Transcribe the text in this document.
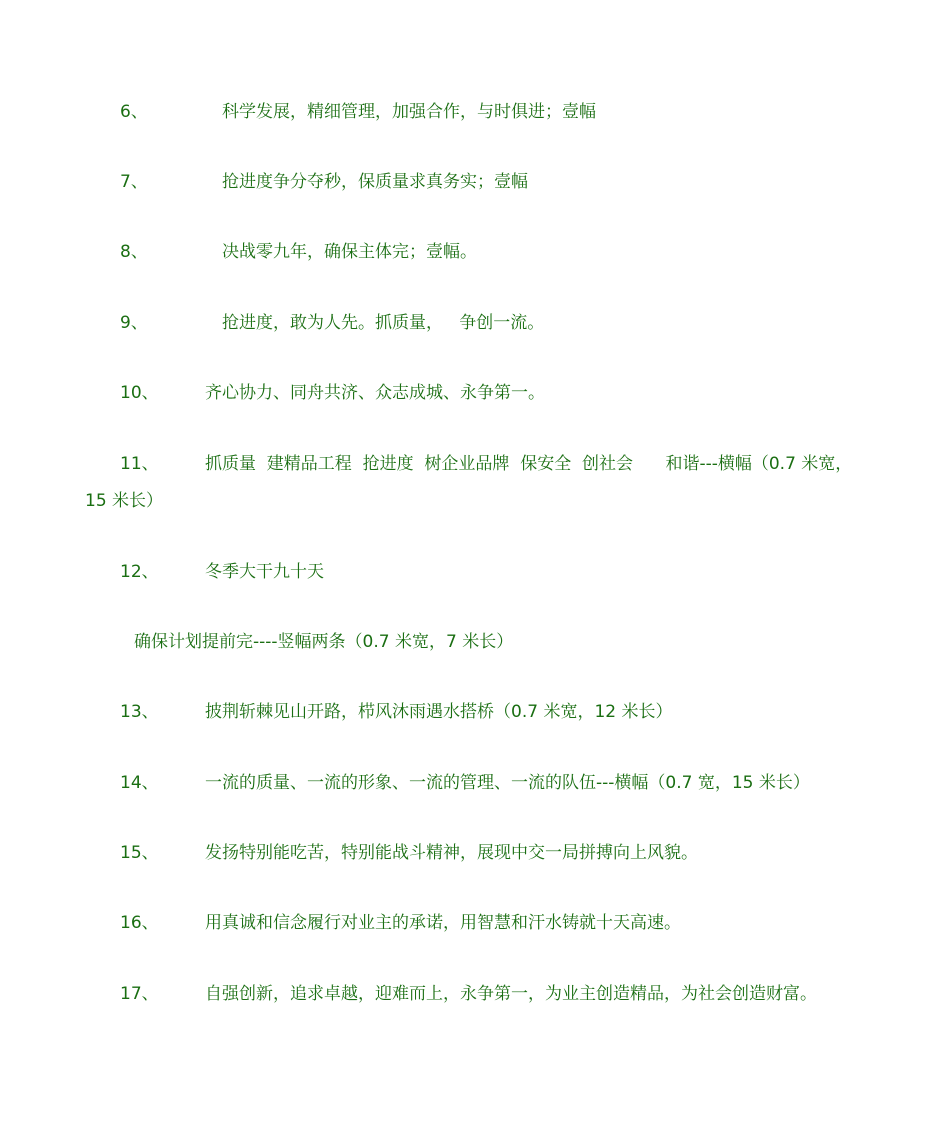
6、	科学发展，精细管理，加强合作，与时俱进；壹幅
7、	抢进度争分夺秒，保质量求真务实；壹幅
8、	决战零九年，确保主体完；壹幅。
9、	抢进度，敢为人先。抓质量，   争创一流。
10、	齐心协力、同舟共济、众志成城、永争第一。
11、	抓质量  建精品工程  抢进度  树企业品牌  保安全  创社会      和谐---横幅（0.7 米宽，
15 米长）
12、	冬季大干九十天
确保计划提前完----竖幅两条（0.7 米宽，7 米长）
13、	披荆斩棘见山开路，栉风沐雨遇水搭桥（0.7 米宽，12 米长）
14、	一流的质量、一流的形象、一流的管理、一流的队伍---横幅（0.7 宽，15 米长）
15、	发扬特别能吃苦，特别能战斗精神，展现中交一局拼搏向上风貌。
16、	用真诚和信念履行对业主的承诺，用智慧和汗水铸就十天高速。
17、	自强创新，追求卓越，迎难而上，永争第一，为业主创造精品，为社会创造财富。
